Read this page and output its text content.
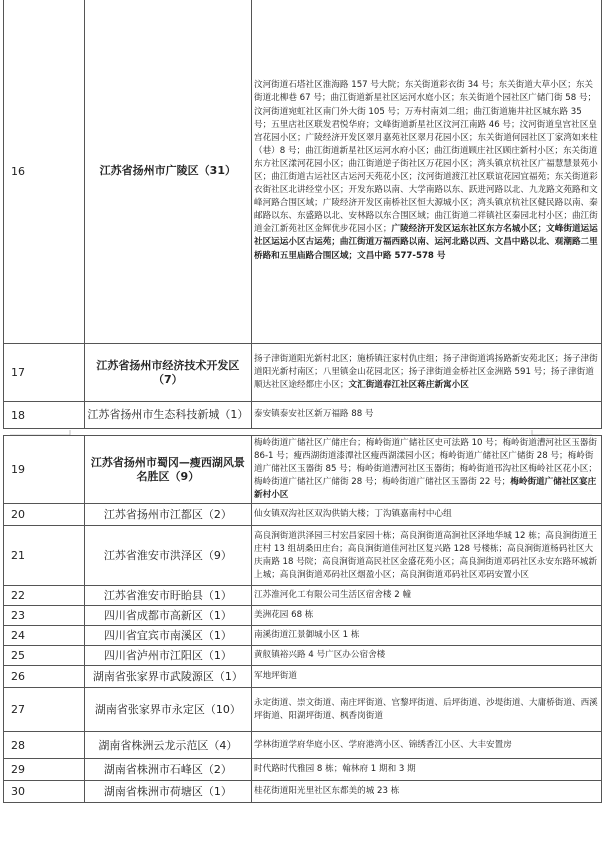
16	江苏省扬州市广陵区（31）	汶河街道石塔社区淮海路 157 号大院；东关街道彩衣街 34 号；东关街道大草小区；东关街道北柳巷 67 号；曲江街道新星社区运河水庭小区；东关街道个园社区广储门街 58 号；汶河街道宛虹社区南门外大街 105 号；万寿村南刘二组；曲江街道施井社区城东路 35 号；五里店社区联发君悦华府；文峰街道新星社区汶河江南路 46 号；汶河街道皇宫社区皇宫花园小区；广陵经济开发区翠月嘉苑社区翠月花园小区；东关街道何园社区丁家湾如来柱（巷）8 号；曲江街道新星社区运河水府小区；曲江街道顾庄社区顾庄新村小区；东关街道东方社区漾河花园小区；曲江街道逆子街社区万花园小区；湾头镇京杭社区广福慧慧景苑小区；曲江街道古运社区古运河天苑花小区；汶河街道渡江社区联谊花园宜福苑；东关街道彩衣街社区北讲经堂小区；开发东路以南、大学南路以东、跃进河路以北、九龙路文苑路和文峰河路合围区域；广陵经济开发区南桥社区恒大源城小区；湾头镇京杭社区健民路以南、秦邮路以东、东盛路以北、安林路以东合围区域；曲江街道二祥镇社区秦园北村小区；曲江街道金江新苑社区金辉优步花园小区；广陵经济开发区运东社区东方名城小区；文峰街道运运社区运运小区古运苑；曲江街道万福西路以南、运河北路以西、文昌中路以北、观潮路二里桥路和五里庙路合围区域；文昌中路 577-578 号
17	江苏省扬州市经济技术开发区（7）	扬子津街道阳光新村北区；施桥镇汪家村仇庄组；扬子津街道鸿扬路新安苑北区；扬子津街道阳光新村南区；八里镇金山花园北区；扬子津街道金桥社区金洲路 591 号；扬子津街道顺达社区途经都庄小区；文汇街道春江社区蒋庄新寓小区
18	江苏省扬州市生态科技新城（1）	泰安镇泰安社区新万福路 88 号
19	江苏省扬州市蜀冈—瘦西湖风景名胜区（9）	梅岭街道广储社区广储庄台；梅岭街道广储社区史可法路 10 号；梅岭街道漕河社区玉器街 86-1 号；瘦西湖街道漆潭社区瘦西湖漾园小区；梅岭街道广储社区广储街 28 号；梅岭街道广储社区玉器街 85 号；梅岭街道漕河社区玉器街；梅岭街道邗沟社区梅岭社区花小区；梅岭街道广储社区广储街 28 号；梅岭街道广储社区玉器街 22 号；梅岭街道广储社区宴庄新村小区
20	江苏省扬州市江都区（2）	仙女镇双沟社区双沟供销大楼；丁沟镇嘉南村中心组
21	江苏省淮安市洪泽区（9）	高良涧街道洪泽园三村宏昌家园十栋；高良涧街道高涧社区泽地华城 12 栋；高良涧街道王庄村 13 组胡桑田庄台；高良涧街道佳河社区复兴路 128 号楼栋；高良涧街道杨码社区大庆南路 18 号院；高良涧街道高民社区金盛花苑小区；高良涧街道邓码社区永安东路环城新上城；高良涧街道邓码社区烟盈小区；高良涧街道邓码社区邓码安置小区
22	江苏省淮安市盱眙县（1）	江苏淮河化工有限公司生活区宿舍楼 2 幢
23	四川省成都市高新区（1）	美洲花园 68 栋
24	四川省宜宾市南溪区（1）	南溪街道江景御城小区 1 栋
25	四川省泸州市江阳区（1）	黄舣镇裕兴路 4 号广区办公宿舍楼
26	湖南省张家界市武陵源区（1）	军地坪街道
27	湖南省张家界市永定区（10）	永定街道、崇文街道、南庄坪街道、官黎坪街道、后坪街道、沙堤街道、大庸桥街道、西溪坪街道、阳湖坪街道、枫香岗街道
28	湖南省株洲云龙示范区（4）	学林街道学府华庭小区、学府港湾小区、锦绣香江小区、大丰安置房
29	湖南省株洲市石峰区（2）	时代路时代雅园 8 栋；翰林府 1 期和 3 期
30	湖南省株洲市荷塘区（1）	桂花街道阳光里社区东都美的城 23 栋
